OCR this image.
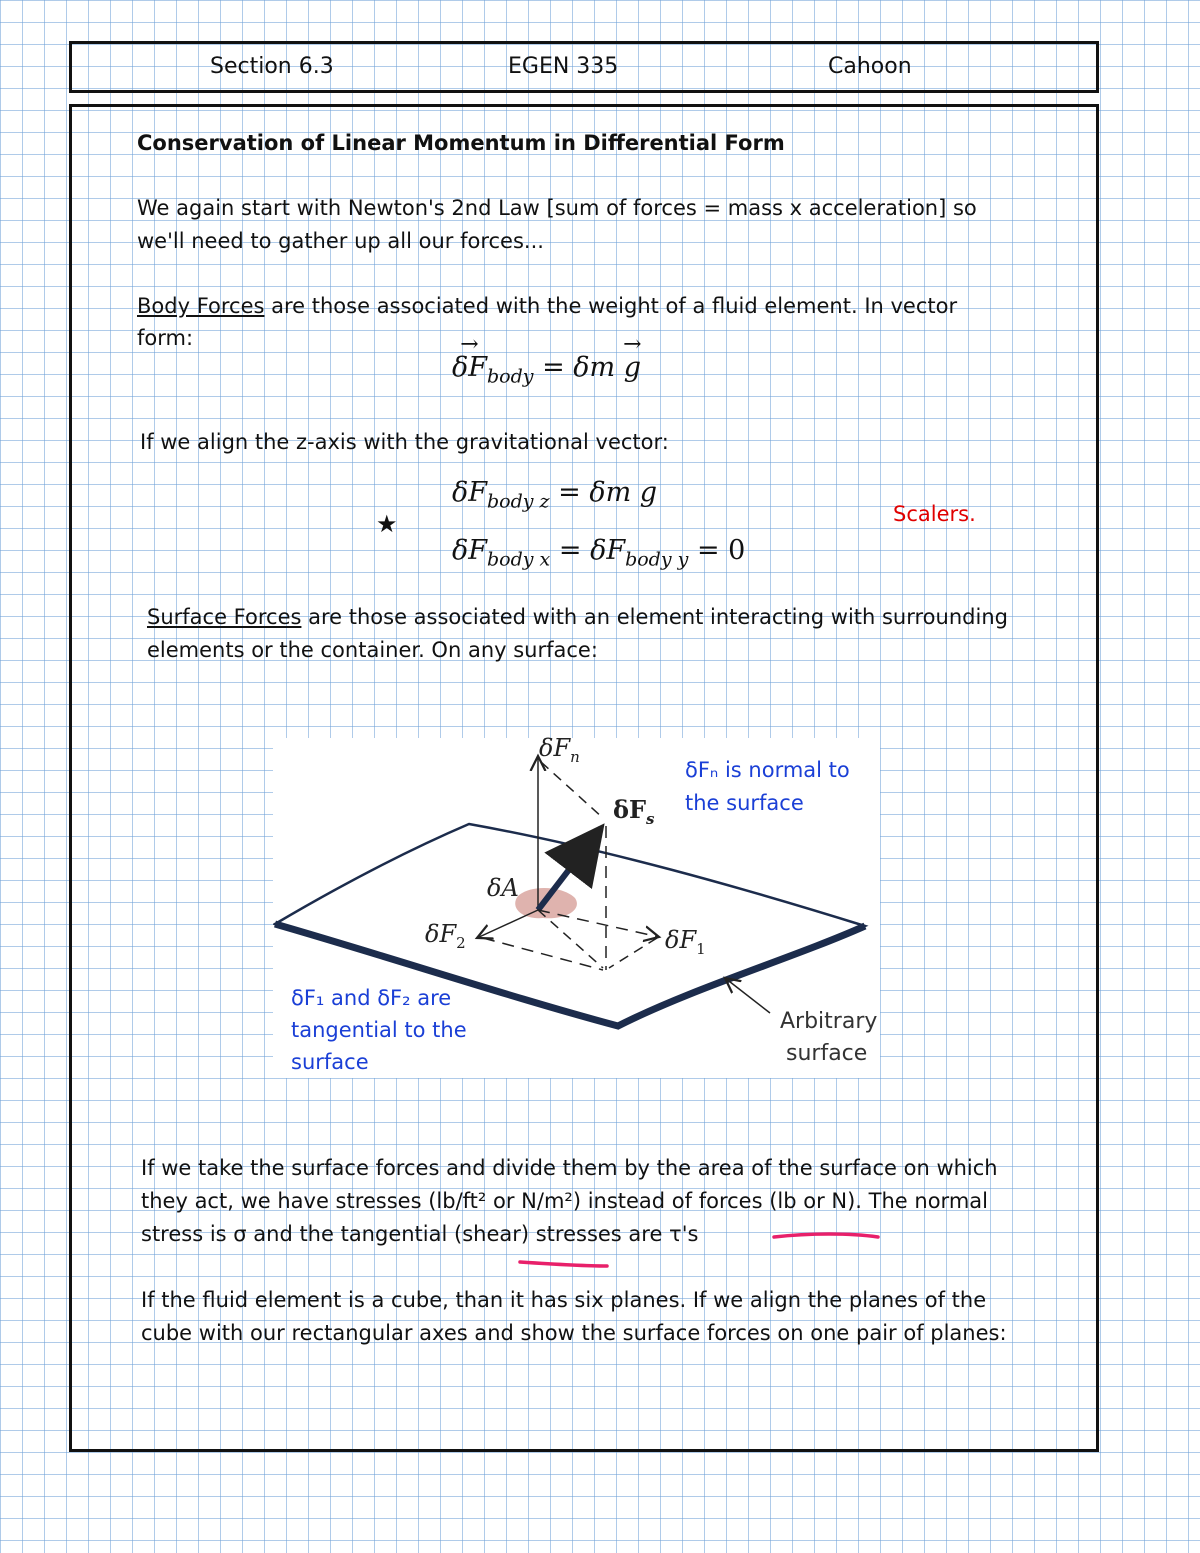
Section 6.3	EGEN 335	Cahoon
Conservation of Linear Momentum in Differential Form
We again start with Newton's 2nd Law [sum of forces = mass x acceleration] so
we'll need to gather up all our forces...
Body Forces are those associated with the weight of a fluid element. In vector
form:
→ $\delta F_{body} = \delta m \to g$
If we align the z-axis with the gravitational vector:
$\delta F_{body z} = \delta m$ g
★	Scalers.
$\delta F_{body x} = \delta F_{body y} = 0$
Surface Forces are those associated with an element interacting with surrounding
elements or the container. On any surface:
$\delta F_n$
$\delta F_s$
δA
$\delta F_1$
$\delta F_2$
Arbitrary
surface
δFₙ is normal to
the surface
δF₁ and δF₂ are
tangential to the
surface
If we take the surface forces and divide them by the area of the surface on which
they act, we have stresses (lb/ft² or N/m²) instead of forces (lb or N). The normal
stress is σ and the tangential (shear) stresses are τ's
If the fluid element is a cube, than it has six planes. If we align the planes of the
cube with our rectangular axes and show the surface forces on one pair of planes:
